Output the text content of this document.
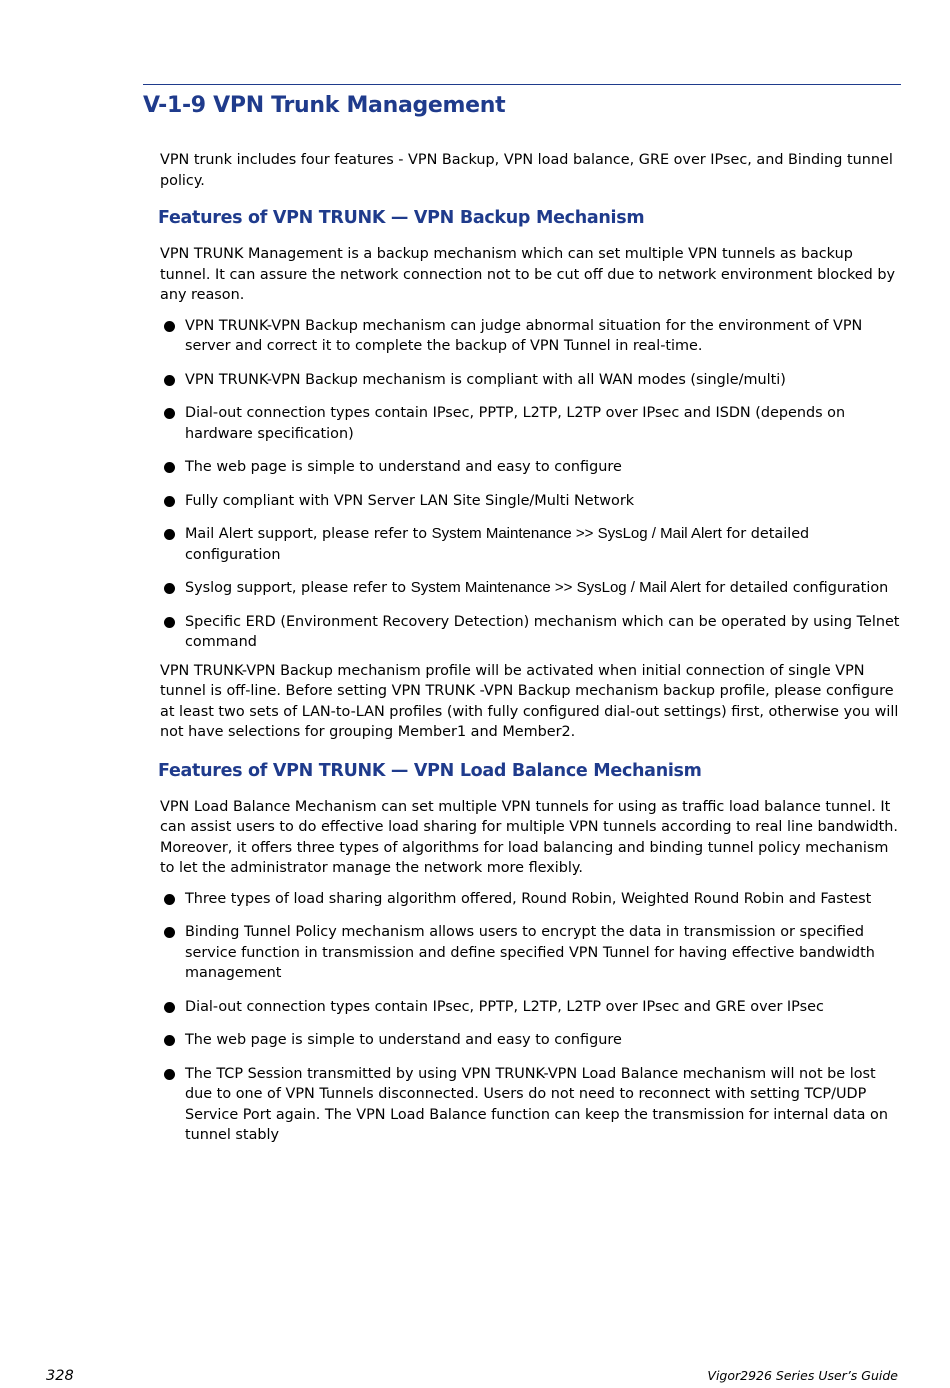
V-1-9 VPN Trunk Management

VPN trunk includes four features - VPN Backup, VPN load balance, GRE over IPsec, and Binding tunnel policy.

Features of VPN TRUNK — VPN Backup Mechanism

VPN TRUNK Management is a backup mechanism which can set multiple VPN tunnels as backup tunnel. It can assure the network connection not to be cut off due to network environment blocked by any reason.

VPN TRUNK-VPN Backup mechanism can judge abnormal situation for the environment of VPN server and correct it to complete the backup of VPN Tunnel in real-time.
VPN TRUNK-VPN Backup mechanism is compliant with all WAN modes (single/multi)
Dial-out connection types contain IPsec, PPTP, L2TP, L2TP over IPsec and ISDN (depends on hardware specification)
The web page is simple to understand and easy to configure
Fully compliant with VPN Server LAN Site Single/Multi Network
Mail Alert support, please refer to System Maintenance >> SysLog / Mail Alert for detailed configuration
Syslog support, please refer to System Maintenance >> SysLog / Mail Alert for detailed configuration
Specific ERD (Environment Recovery Detection) mechanism which can be operated by using Telnet command

VPN TRUNK-VPN Backup mechanism profile will be activated when initial connection of single VPN tunnel is off-line. Before setting VPN TRUNK -VPN Backup mechanism backup profile, please configure at least two sets of LAN-to-LAN profiles (with fully configured dial-out settings) first, otherwise you will not have selections for grouping Member1 and Member2.

Features of VPN TRUNK — VPN Load Balance Mechanism

VPN Load Balance Mechanism can set multiple VPN tunnels for using as traffic load balance tunnel. It can assist users to do effective load sharing for multiple VPN tunnels according to real line bandwidth. Moreover, it offers three types of algorithms for load balancing and binding tunnel policy mechanism to let the administrator manage the network more flexibly.

Three types of load sharing algorithm offered, Round Robin, Weighted Round Robin and Fastest
Binding Tunnel Policy mechanism allows users to encrypt the data in transmission or specified service function in transmission and define specified VPN Tunnel for having effective bandwidth management
Dial-out connection types contain IPsec, PPTP, L2TP, L2TP over IPsec and GRE over IPsec
The web page is simple to understand and easy to configure
The TCP Session transmitted by using VPN TRUNK-VPN Load Balance mechanism will not be lost due to one of VPN Tunnels disconnected. Users do not need to reconnect with setting TCP/UDP Service Port again. The VPN Load Balance function can keep the transmission for internal data on tunnel stably
328	Vigor2926 Series User’s Guide
